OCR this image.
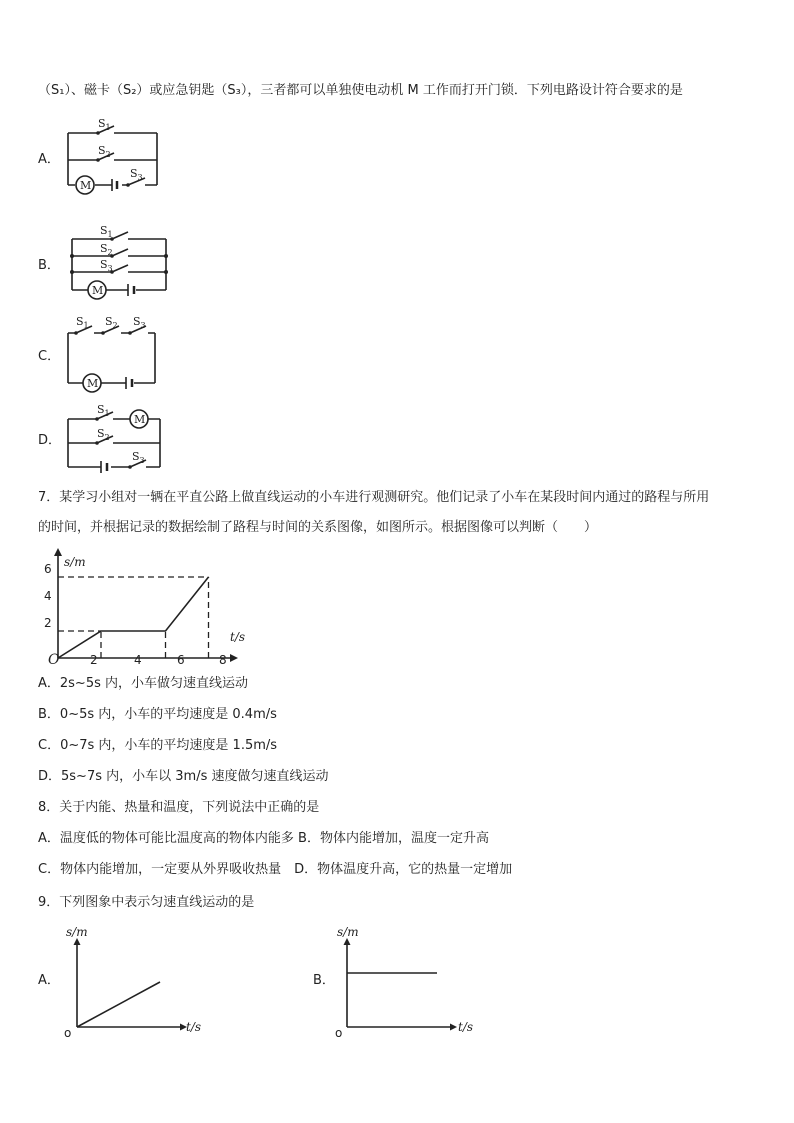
（S₁）、磁卡（S₂）或应急钥匙（S₃），三者都可以单独使电动机 M 工作而打开门锁．下列电路设计符合要求的是
A．
M
$S_1$
$S_2$
$S_3$
M
$S_1$
$S_2$
$S_3$
M
$S_1$ $S_2$ $S_3$
M
$S_1$
$S_2$
$S_3$
B．
C．
D．
7．某学习小组对一辆在平直公路上做直线运动的小车进行观测研究。他们记录了小车在某段时间内通过的路程与所用
的时间，并根据记录的数据绘制了路程与时间的关系图像，如图所示。根据图像可以判断（　　）
s/m
t/s
O
2
4
6
2	4	6	8
A．2s~5s 内，小车做匀速直线运动
B．0~5s 内，小车的平均速度是 0.4m/s
C．0~7s 内，小车的平均速度是 1.5m/s
D．5s~7s 内，小车以 3m/s 速度做匀速直线运动
8．关于内能、热量和温度，下列说法中正确的是
A．温度低的物体可能比温度高的物体内能多 B．物体内能增加，温度一定升高
C．物体内能增加，一定要从外界吸收热量　D．物体温度升高，它的热量一定增加
9．下列图象中表示匀速直线运动的是
A．	B．
s/m
t/s
o
s/m
t/s
o
